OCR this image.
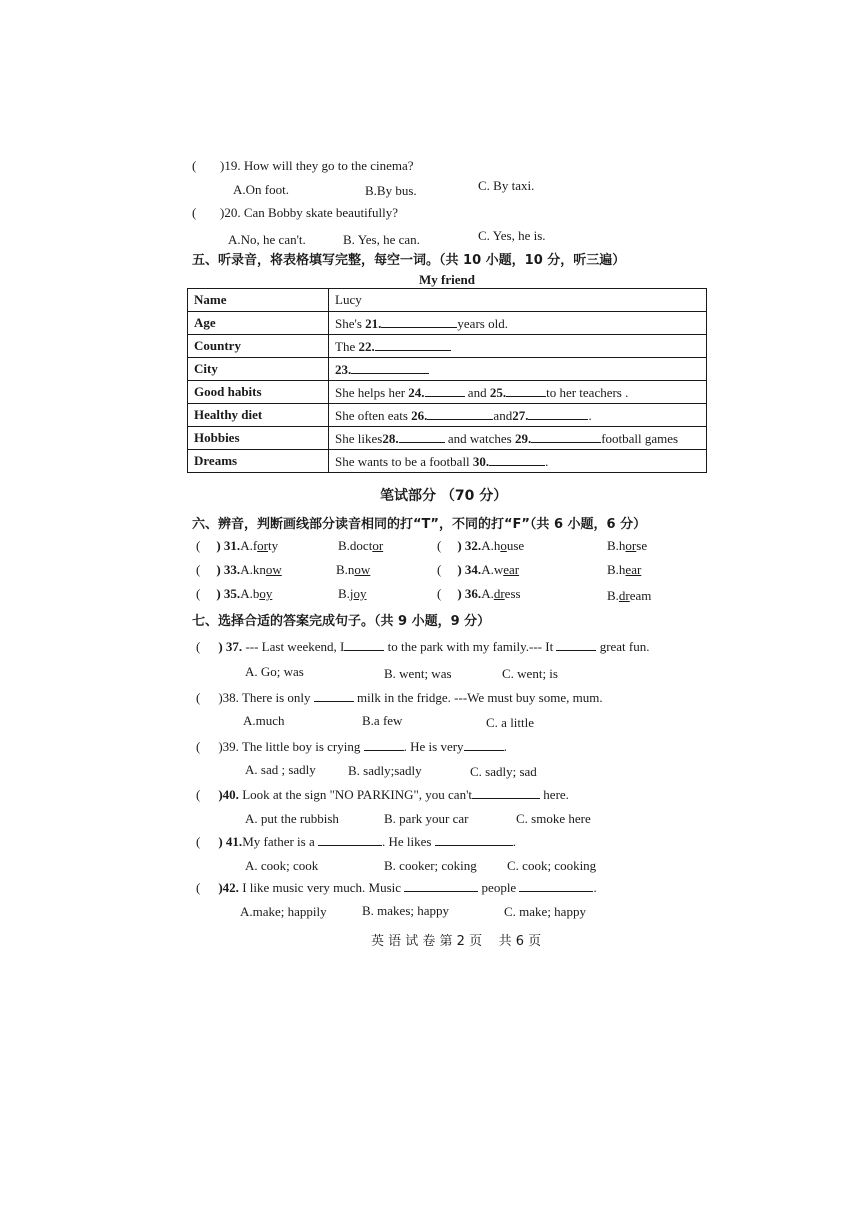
( )19. How will they go to the cinema?
A.On foot.	B.By bus.	C. By taxi.
( )20. Can Bobby skate beautifully?
A.No, he can't.	B. Yes, he can.	C. Yes, he is.
五、听录音，将表格填写完整，每空一词。（共 10 小题，10 分，听三遍）
My friend
Name	Lucy
Age	She's 21. years old.
Country	The 22.
City	23.
Good habits	She helps her 24. and 25. to her teachers .
Healthy diet	She often eats 26. and27. .
Hobbies	She likes28. and watches 29. football games
Dreams	She wants to be a football 30. .
笔试部分 （70 分）
六、辨音，判断画线部分读音相同的打“T”，不同的打“F”（共 6 小题，6 分）
( ) 31.A.forty	B.doctor	( ) 32.A.house	B.horse
( ) 33.A.know	B.now	( ) 34.A.wear	B.hear
( ) 35.A.boy	B.joy	( ) 36.A.dress	B.dream
七、选择合适的答案完成句子。（共 9 小题，9 分）
( ) 37. --- Last weekend, I	to the park with my family.--- It	great fun.
A. Go; was	B. went; was	C. went; is
( )38. There is only	milk in the fridge. ---We must buy some, mum.
A.much	B.a few	C. a little
( )39. The little boy is crying	. He is very	.
A. sad ; sadly B. sadly;sadly	C. sadly; sad
( )40. Look at the sign "NO PARKING", you can't	here.
A. put the rubbish	B. park your car	C. smoke here
( ) 41.My father is a	. He likes	.
A. cook; cook	B. cooker; coking C. cook; cooking
( )42. I like music very much. Music	people	.
A.make; happily	B. makes; happy	C. make; happy
英 语 试 卷 第 2 页    共 6 页
